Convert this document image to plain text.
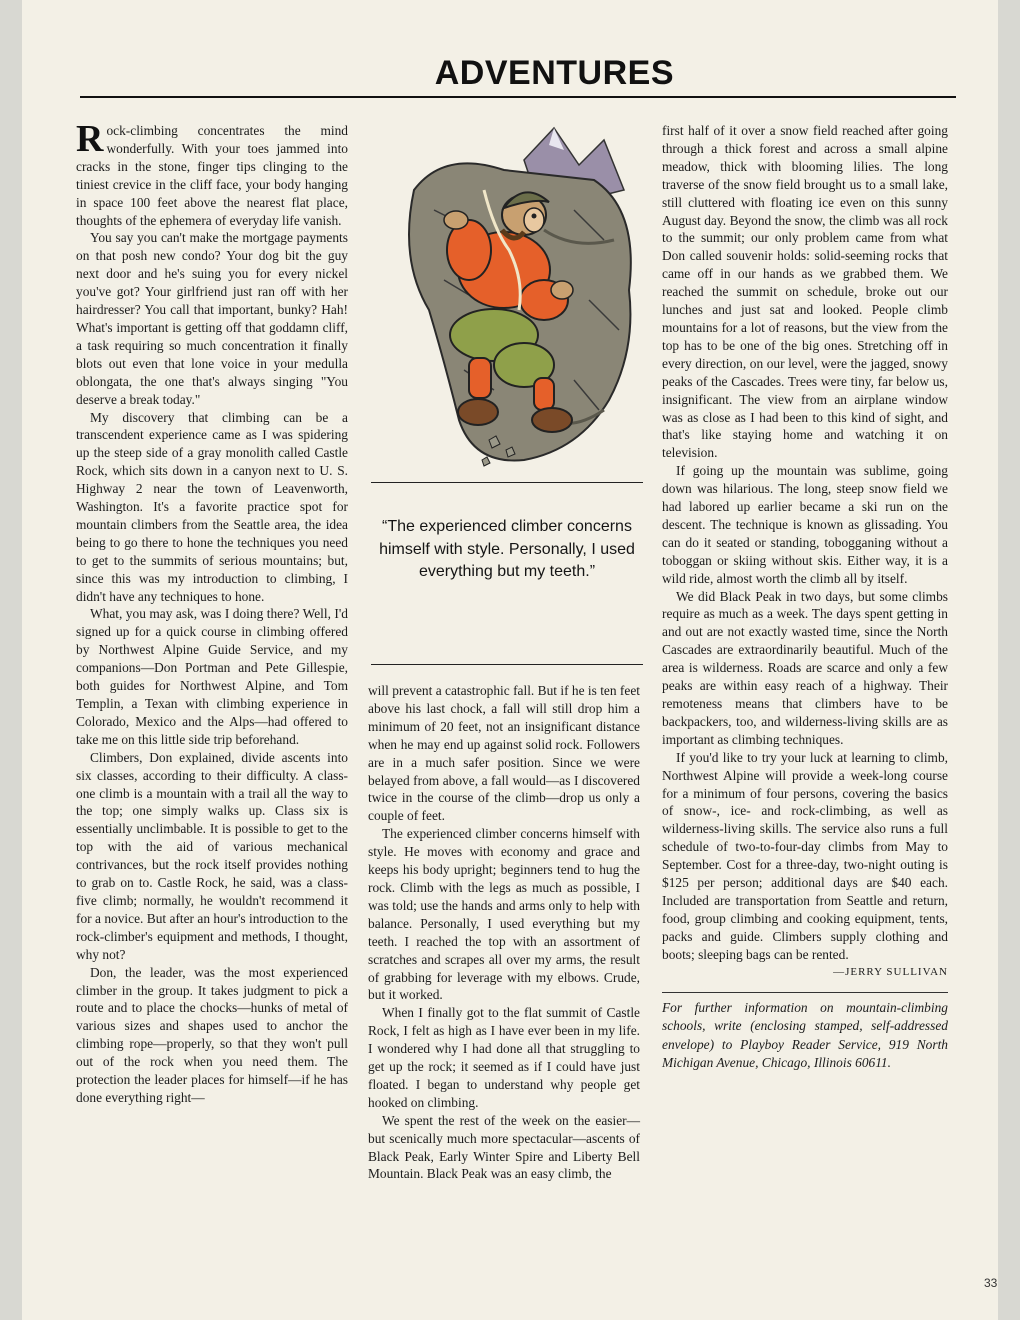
ADVENTURES

Rock-climbing concentrates the mind wonderfully. With your toes jammed into cracks in the stone, finger tips clinging to the tiniest crevice in the cliff face, your body hanging in space 100 feet above the nearest flat place, thoughts of the ephemera of everyday life vanish.

You say you can't make the mortgage payments on that posh new condo? Your dog bit the guy next door and he's suing you for every nickel you've got? Your girlfriend just ran off with her hairdresser? You call that important, bunky? Hah! What's important is getting off that goddamn cliff, a task requiring so much concentration it finally blots out even that lone voice in your medulla oblongata, the one that's always singing "You deserve a break today."

My discovery that climbing can be a transcendent experience came as I was spidering up the steep side of a gray monolith called Castle Rock, which sits down in a canyon next to U. S. Highway 2 near the town of Leavenworth, Washington. It's a favorite practice spot for mountain climbers from the Seattle area, the idea being to go there to hone the techniques you need to get to the summits of serious mountains; but, since this was my introduction to climbing, I didn't have any techniques to hone.

What, you may ask, was I doing there? Well, I'd signed up for a quick course in climbing offered by Northwest Alpine Guide Service, and my companions—Don Portman and Pete Gillespie, both guides for Northwest Alpine, and Tom Templin, a Texan with climbing experience in Colorado, Mexico and the Alps—had offered to take me on this little side trip beforehand.

Climbers, Don explained, divide ascents into six classes, according to their difficulty. A class-one climb is a mountain with a trail all the way to the top; one simply walks up. Class six is essentially unclimbable. It is possible to get to the top with the aid of various mechanical contrivances, but the rock itself provides nothing to grab on to. Castle Rock, he said, was a class-five climb; normally, he wouldn't recommend it for a novice. But after an hour's introduction to the rock-climber's equipment and methods, I thought, why not?

Don, the leader, was the most experienced climber in the group. It takes judgment to pick a route and to place the chocks—hunks of metal of various sizes and shapes used to anchor the climbing rope—properly, so that they won't pull out of the rock when you need them. The protection the leader places for himself—if he has done everything right—

“The experienced climber concerns himself with style. Personally, I used everything but my teeth.”

will prevent a catastrophic fall. But if he is ten feet above his last chock, a fall will still drop him a minimum of 20 feet, not an insignificant distance when he may end up against solid rock. Followers are in a much safer position. Since we were belayed from above, a fall would—as I discovered twice in the course of the climb—drop us only a couple of feet.

The experienced climber concerns himself with style. He moves with economy and grace and keeps his body upright; beginners tend to hug the rock. Climb with the legs as much as possible, I was told; use the hands and arms only to help with balance. Personally, I used everything but my teeth. I reached the top with an assortment of scratches and scrapes all over my arms, the result of grabbing for leverage with my elbows. Crude, but it worked.

When I finally got to the flat summit of Castle Rock, I felt as high as I have ever been in my life. I wondered why I had done all that struggling to get up the rock; it seemed as if I could have just floated. I began to understand why people get hooked on climbing.

We spent the rest of the week on the easier—but scenically much more spectacular—ascents of Black Peak, Early Winter Spire and Liberty Bell Mountain. Black Peak was an easy climb, the

first half of it over a snow field reached after going through a thick forest and across a small alpine meadow, thick with blooming lilies. The long traverse of the snow field brought us to a small lake, still cluttered with floating ice even on this sunny August day. Beyond the snow, the climb was all rock to the summit; our only problem came from what Don called souvenir holds: solid-seeming rocks that came off in our hands as we grabbed them. We reached the summit on schedule, broke out our lunches and just sat and looked. People climb mountains for a lot of reasons, but the view from the top has to be one of the big ones. Stretching off in every direction, on our level, were the jagged, snowy peaks of the Cascades. Trees were tiny, far below us, insignificant. The view from an airplane window was as close as I had been to this kind of sight, and that's like staying home and watching it on television.

If going up the mountain was sublime, going down was hilarious. The long, steep snow field we had labored up earlier became a ski run on the descent. The technique is known as glissading. You can do it seated or standing, tobogganing without a toboggan or skiing without skis. Either way, it is a wild ride, almost worth the climb all by itself.

We did Black Peak in two days, but some climbs require as much as a week. The days spent getting in and out are not exactly wasted time, since the North Cascades are extraordinarily beautiful. Much of the area is wilderness. Roads are scarce and only a few peaks are within easy reach of a highway. Their remoteness means that climbers have to be backpackers, too, and wilderness-living skills are as important as climbing techniques.

If you'd like to try your luck at learning to climb, Northwest Alpine will provide a week-long course for a minimum of four persons, covering the basics of snow-, ice- and rock-climbing, as well as wilderness-living skills. The service also runs a full schedule of two-to-four-day climbs from May to September. Cost for a three-day, two-night outing is $125 per person; additional days are $40 each. Included are transportation from Seattle and return, food, group climbing and cooking equipment, tents, packs and guide. Climbers supply clothing and boots; sleeping bags can be rented.

—JERRY SULLIVAN

For further information on mountain-climbing schools, write (enclosing stamped, self-addressed envelope) to Playboy Reader Service, 919 North Michigan Avenue, Chicago, Illinois 60611.

33
